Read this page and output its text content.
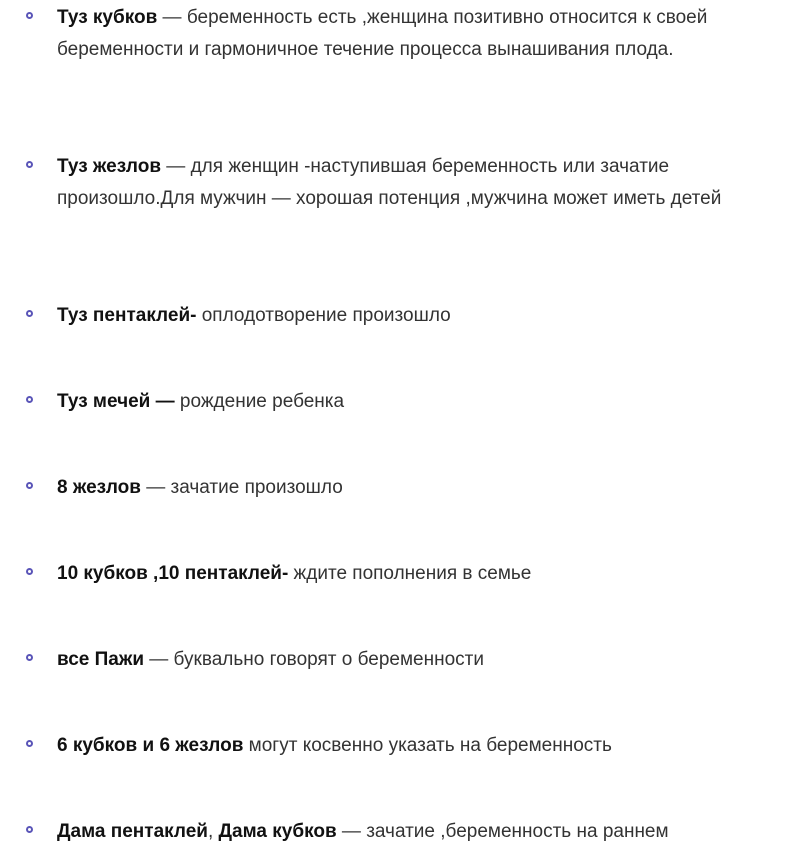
Туз кубков — беременность есть ,женщина позитивно относится к своей беременности и гармоничное течение процесса вынашивания плода.
Туз жезлов — для женщин -наступившая беременность или зачатие произошло.Для мужчин — хорошая потенция ,мужчина может иметь детей
Туз пентаклей- оплодотворение произошло
Туз мечей — рождение ребенка
8 жезлов — зачатие произошло
10 кубков ,10 пентаклей- ждите пополнения в семье
все Пажи — буквально говорят о беременности
6 кубков и 6 жезлов могут косвенно указать на беременность
Дама пентаклей, Дама кубков — зачатие ,беременность на раннем
